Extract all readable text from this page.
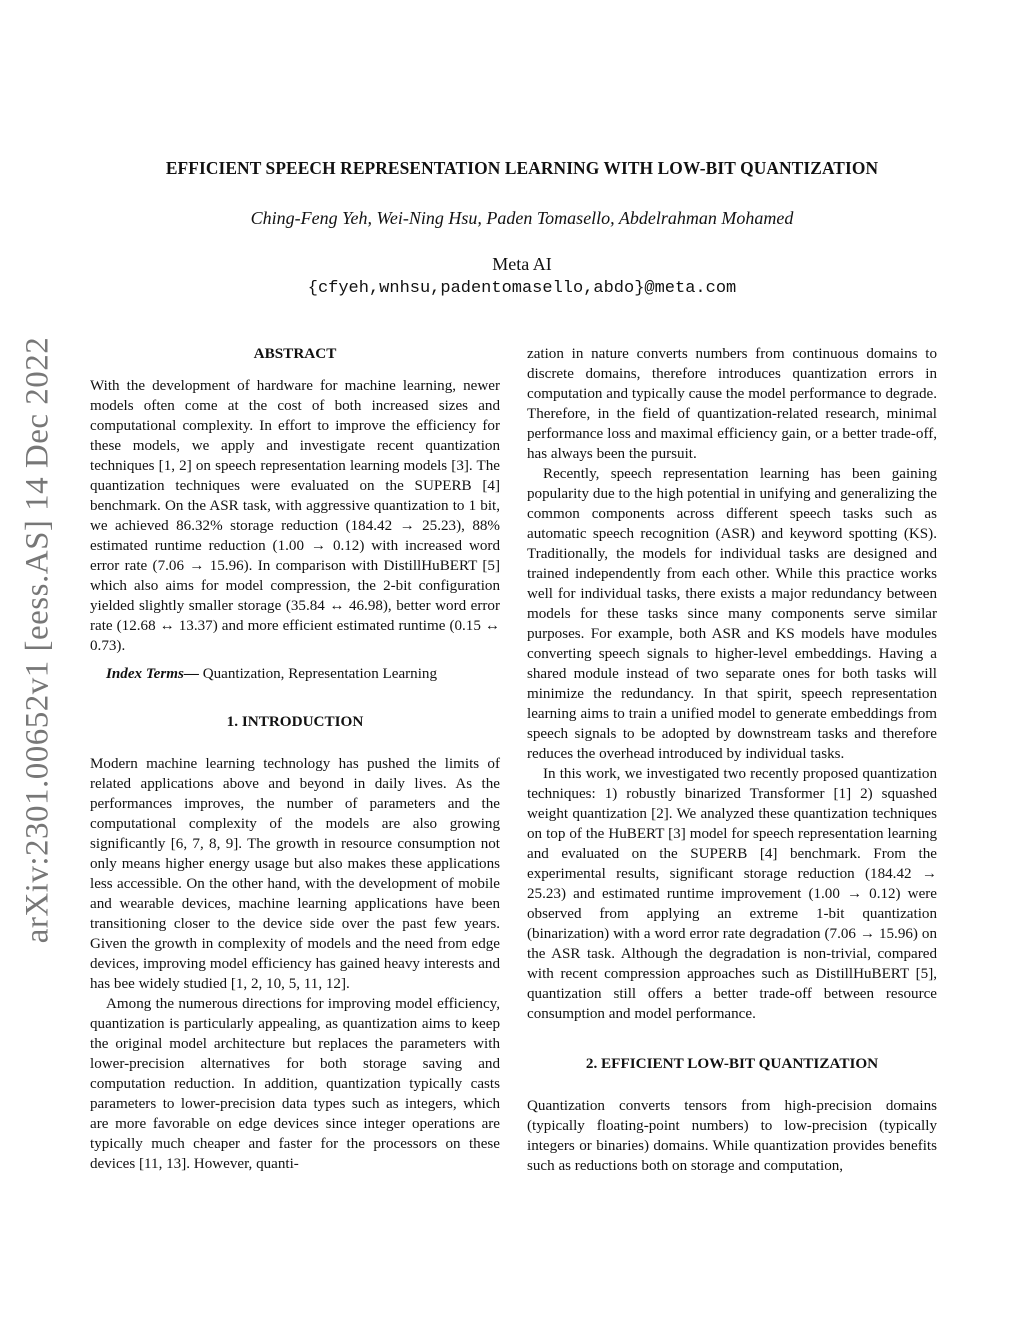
arXiv:2301.00652v1 [eess.AS] 14 Dec 2022
EFFICIENT SPEECH REPRESENTATION LEARNING WITH LOW-BIT QUANTIZATION
Ching-Feng Yeh, Wei-Ning Hsu, Paden Tomasello, Abdelrahman Mohamed
Meta AI
{cfyeh,wnhsu,padentomasello,abdo}@meta.com
ABSTRACT

With the development of hardware for machine learning, newer models often come at the cost of both increased sizes and computational complexity. In effort to improve the efficiency for these models, we apply and investigate recent quantization techniques [1, 2] on speech representation learning models [3]. The quantization techniques were evaluated on the SUPERB [4] benchmark. On the ASR task, with aggressive quantization to 1 bit, we achieved 86.32% storage reduction (184.42 → 25.23), 88% estimated runtime reduction (1.00 → 0.12) with increased word error rate (7.06 → 15.96). In comparison with DistillHuBERT [5] which also aims for model compression, the 2-bit configuration yielded slightly smaller storage (35.84 ↔ 46.98), better word error rate (12.68 ↔ 13.37) and more efficient estimated runtime (0.15 ↔ 0.73).

Index Terms— Quantization, Representation Learning

1. INTRODUCTION

Modern machine learning technology has pushed the limits of related applications above and beyond in daily lives. As the performances improves, the number of parameters and the computational complexity of the models are also growing significantly [6, 7, 8, 9]. The growth in resource consumption not only means higher energy usage but also makes these applications less accessible. On the other hand, with the development of mobile and wearable devices, machine learning applications have been transitioning closer to the device side over the past few years. Given the growth in complexity of models and the need from edge devices, improving model efficiency has gained heavy interests and has bee widely studied [1, 2, 10, 5, 11, 12].

Among the numerous directions for improving model efficiency, quantization is particularly appealing, as quantization aims to keep the original model architecture but replaces the parameters with lower-precision alternatives for both storage saving and computation reduction. In addition, quantization typically casts parameters to lower-precision data types such as integers, which are more favorable on edge devices since integer operations are typically much cheaper and faster for the processors on these devices [11, 13]. However, quanti-

zation in nature converts numbers from continuous domains to discrete domains, therefore introduces quantization errors in computation and typically cause the model performance to degrade. Therefore, in the field of quantization-related research, minimal performance loss and maximal efficiency gain, or a better trade-off, has always been the pursuit.

Recently, speech representation learning has been gaining popularity due to the high potential in unifying and generalizing the common components across different speech tasks such as automatic speech recognition (ASR) and keyword spotting (KS). Traditionally, the models for individual tasks are designed and trained independently from each other. While this practice works well for individual tasks, there exists a major redundancy between models for these tasks since many components serve similar purposes. For example, both ASR and KS models have modules converting speech signals to higher-level embeddings. Having a shared module instead of two separate ones for both tasks will minimize the redundancy. In that spirit, speech representation learning aims to train a unified model to generate embeddings from speech signals to be adopted by downstream tasks and therefore reduces the overhead introduced by individual tasks.

In this work, we investigated two recently proposed quantization techniques: 1) robustly binarized Transformer [1] 2) squashed weight quantization [2]. We analyzed these quantization techniques on top of the HuBERT [3] model for speech representation learning and evaluated on the SUPERB [4] benchmark. From the experimental results, significant storage reduction (184.42 → 25.23) and estimated runtime improvement (1.00 → 0.12) were observed from applying an extreme 1-bit quantization (binarization) with a word error rate degradation (7.06 → 15.96) on the ASR task. Although the degradation is non-trivial, compared with recent compression approaches such as DistillHuBERT [5], quantization still offers a better trade-off between resource consumption and model performance.

2. EFFICIENT LOW-BIT QUANTIZATION

Quantization converts tensors from high-precision domains (typically floating-point numbers) to low-precision (typically integers or binaries) domains. While quantization provides benefits such as reductions both on storage and computation,
